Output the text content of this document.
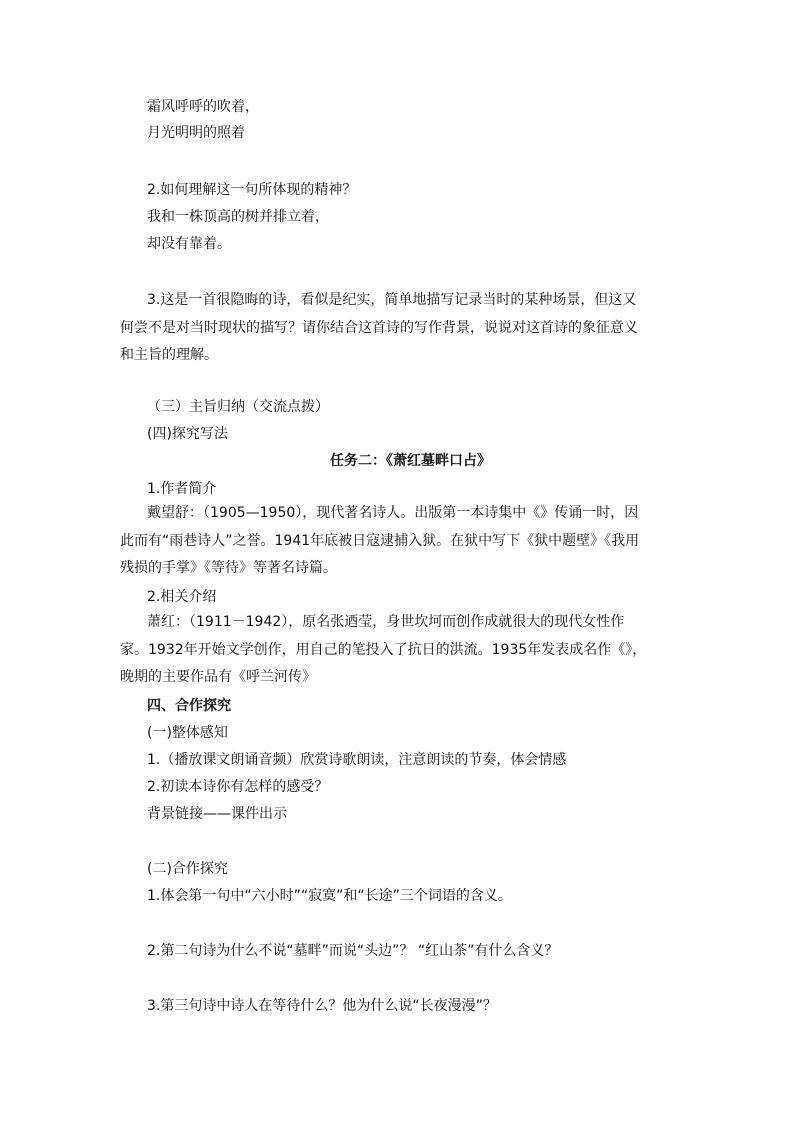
霜风呼呼的吹着，
月光明明的照着
2.如何理解这一句所体现的精神？
我和一株顶高的树并排立着，
却没有靠着。
3.这是一首很隐晦的诗，看似是纪实，简单地描写记录当时的某种场景，但这又何尝不是对当时现状的描写？请你结合这首诗的写作背景，说说对这首诗的象征意义和主旨的理解。
（三）主旨归纳（交流点拨）
(四)探究写法
任务二：《萧红墓畔口占》
1.作者简介
戴望舒：（1905—1950），现代著名诗人。出版第一本诗集中《》传诵一时，因此而有“雨巷诗人”之誉。1941年底被日寇逮捕入狱。在狱中写下《狱中题壁》《我用残损的手掌》《等待》等著名诗篇。
2.相关介绍
萧红：（1911－1942），原名张迺莹，身世坎坷而创作成就很大的现代女性作家。1932年开始文学创作，用自己的笔投入了抗日的洪流。1935年发表成名作《》，晚期的主要作品有《呼兰河传》
四、合作探究
(一)整体感知
1.（播放课文朗诵音频）欣赏诗歌朗读，注意朗读的节奏，体会情感
2.初读本诗你有怎样的感受？
背景链接——课件出示
(二)合作探究
1.体会第一句中“六小时”“寂寞”和“长途”三个词语的含义。
2.第二句诗为什么不说“墓畔”而说“头边”？ “红山茶”有什么含义？
3.第三句诗中诗人在等待什么？他为什么说“长夜漫漫”？
